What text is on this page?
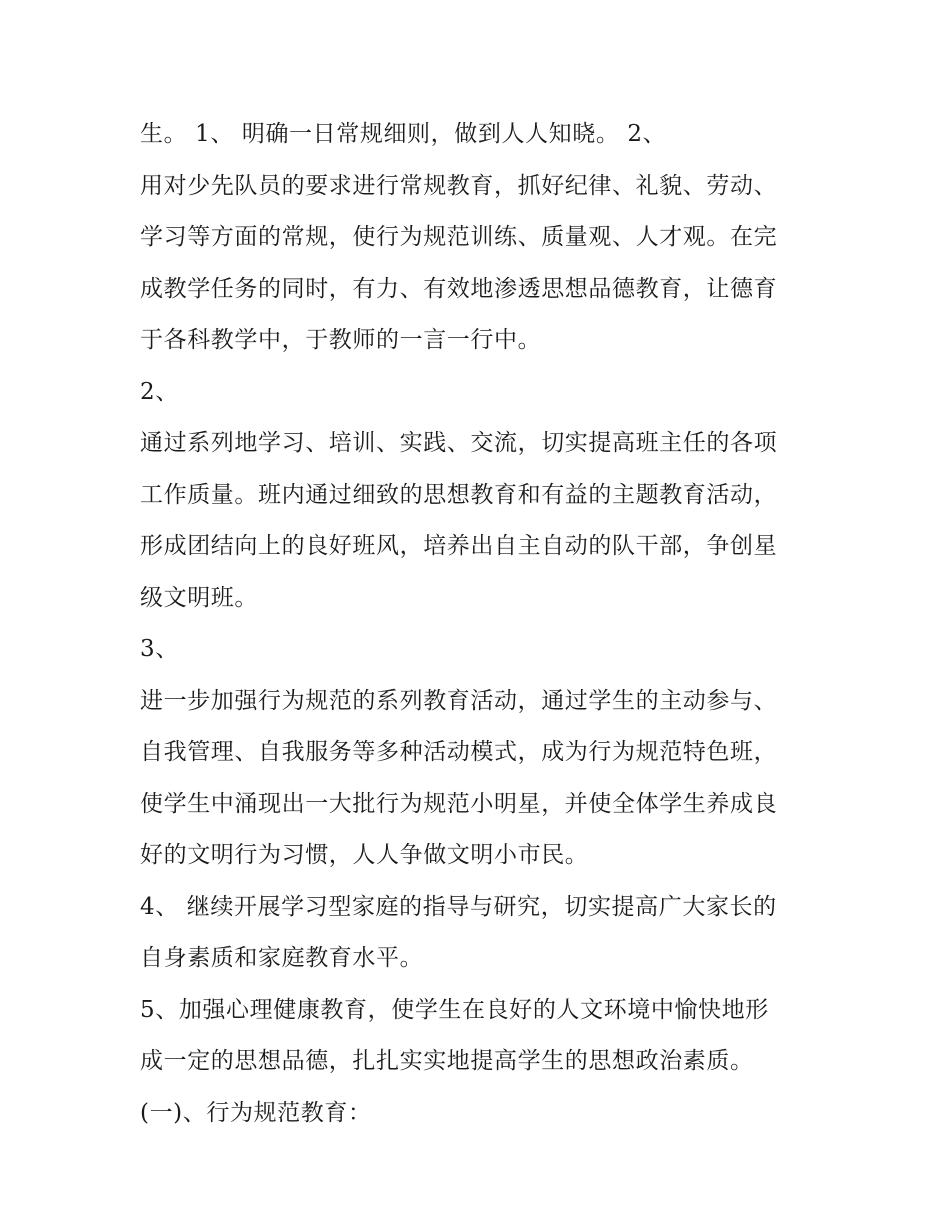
生。 1、 明确一日常规细则，做到人人知晓。 2、
用对少先队员的要求进行常规教育，抓好纪律、礼貌、劳动、
学习等方面的常规，使行为规范训练、质量观、人才观。在完
成教学任务的同时，有力、有效地渗透思想品德教育，让德育
于各科教学中，于教师的一言一行中。
2、
通过系列地学习、培训、实践、交流，切实提高班主任的各项
工作质量。班内通过细致的思想教育和有益的主题教育活动，
形成团结向上的良好班风，培养出自主自动的队干部，争创星
级文明班。
3、
进一步加强行为规范的系列教育活动，通过学生的主动参与、
自我管理、自我服务等多种活动模式，成为行为规范特色班，
使学生中涌现出一大批行为规范小明星，并使全体学生养成良
好的文明行为习惯，人人争做文明小市民。
4、 继续开展学习型家庭的指导与研究，切实提高广大家长的
自身素质和家庭教育水平。
5、加强心理健康教育，使学生在良好的人文环境中愉快地形
成一定的思想品德，扎扎实实地提高学生的思想政治素质。
(一)、行为规范教育：
